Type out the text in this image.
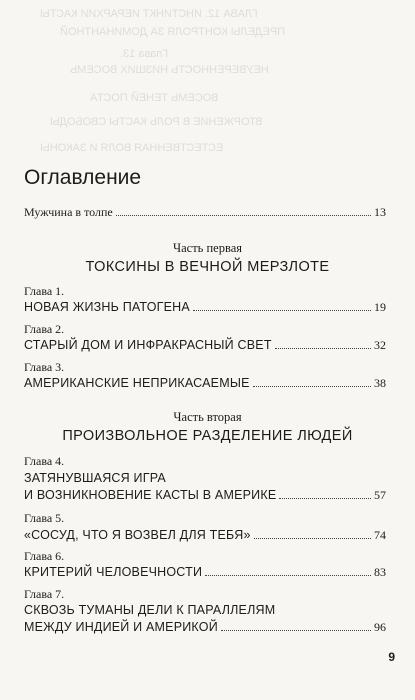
ГЛАВА 12. ИНСТИНКТ ИЕРАРХИИ КАСТЫ
ПРЕДЕЛЫ КОНТРОЛЯ ЗА ДОМИНАНТНОЙ
Глава 13.
НЕУВЕРЕННОСТЬ НИЗШИХ ВОСЕМЬ
ВОСЕМЬ ТЕНЕЙ ПОСТА
ВТОРЖЕНИЕ В РОЛЬ КАСТЫ СВОБОДЫ
ЕСТЕСТВЕННАЯ ВОЛЯ И ЗАКОНЫ
Оглавление
Мужчина в толпе	13
Часть первая
ТОКСИНЫ В ВЕЧНОЙ МЕРЗЛОТЕ
Глава 1.
НОВАЯ ЖИЗНЬ ПАТОГЕНА	19
Глава 2.
СТАРЫЙ ДОМ И ИНФРАКРАСНЫЙ СВЕТ	32
Глава 3.
АМЕРИКАНСКИЕ НЕПРИКАСАЕМЫЕ	38
Часть вторая
ПРОИЗВОЛЬНОЕ РАЗДЕЛЕНИЕ ЛЮДЕЙ
Глава 4.
ЗАТЯНУВШАЯСЯ ИГРА
И ВОЗНИКНОВЕНИЕ КАСТЫ В АМЕРИКЕ	57
Глава 5.
«СОСУД, ЧТО Я ВОЗВЕЛ ДЛЯ ТЕБЯ»	74
Глава 6.
КРИТЕРИЙ ЧЕЛОВЕЧНОСТИ	83
Глава 7.
СКВОЗЬ ТУМАНЫ ДЕЛИ К ПАРАЛЛЕЛЯМ
МЕЖДУ ИНДИЕЙ И АМЕРИКОЙ	96
9
